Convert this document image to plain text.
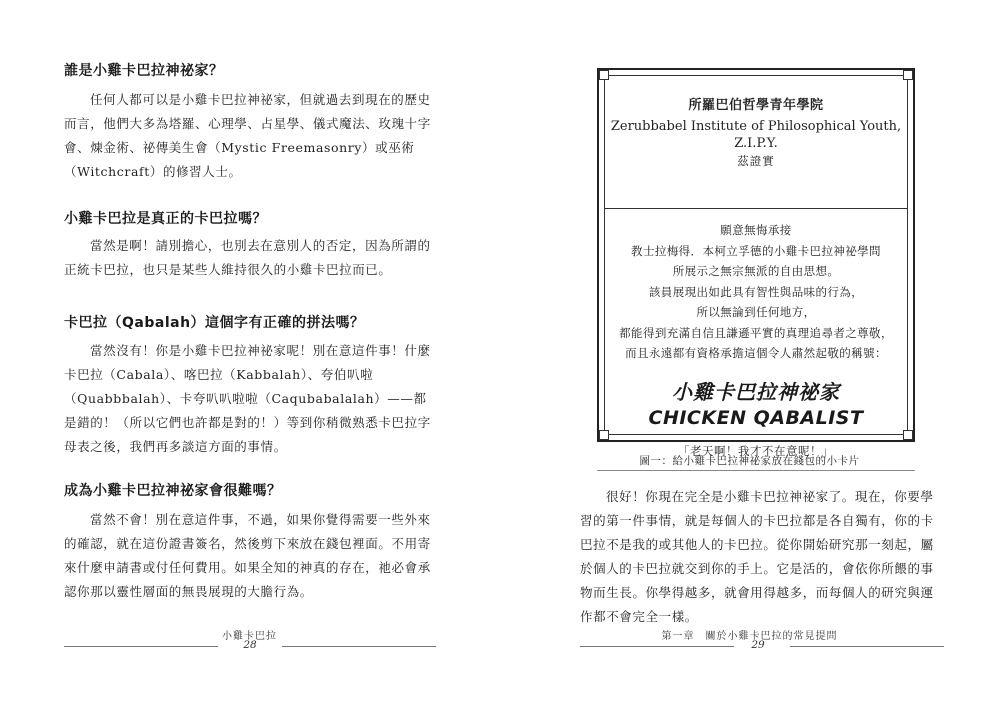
誰是小雞卡巴拉神祕家？

任何人都可以是小雞卡巴拉神祕家，但就過去到現在的歷史而言，他們大多為塔羅、心理學、占星學、儀式魔法、玫瑰十字會、煉金術、祕傳美生會（Mystic Freemasonry）或巫術（Witchcraft）的修習人士。

小雞卡巴拉是真正的卡巴拉嗎？

當然是啊！請別擔心，也別去在意別人的否定，因為所謂的正統卡巴拉，也只是某些人維持很久的小雞卡巴拉而已。

卡巴拉（Qabalah）這個字有正確的拼法嗎？

當然沒有！你是小雞卡巴拉神祕家呢！別在意這件事！什麼卡巴拉（Cabala）、喀巴拉（Kabbalah）、夸伯叭啦（Quabbbalah）、卡夸叭叭啦啦（Caqubabalalah）——都是錯的！（所以它們也許都是對的！）等到你稍微熟悉卡巴拉字母表之後，我們再多談這方面的事情。

成為小雞卡巴拉神祕家會很難嗎？

當然不會！別在意這件事，不過，如果你覺得需要一些外來的確認，就在這份證書簽名，然後剪下來放在錢包裡面。不用寄來什麼申請書或付任何費用。如果全知的神真的存在，祂必會承認你那以靈性層面的無畏展現的大膽行為。

小雞卡巴拉
28

所羅巴伯哲學青年學院

Zerubbabel Institute of Philosophical Youth,

Z.I.P.Y.

茲證實

願意無悔承接

教士拉梅得．本柯立孚德的小雞卡巴拉神祕學問

所展示之無宗無派的自由思想。

該員展現出如此具有智性與品味的行為，

所以無論到任何地方，

都能得到充滿自信且謙遜平實的真理追尋者之尊敬，

而且永遠都有資格承擔這個令人肅然起敬的稱號：

小雞卡巴拉神祕家

CHICKEN QABALIST

「老天啊！我才不在意呢！」

圖一：給小雞卡巴拉神祕家放在錢包的小卡片

很好！你現在完全是小雞卡巴拉神祕家了。現在，你要學習的第一件事情，就是每個人的卡巴拉都是各自獨有，你的卡巴拉不是我的或其他人的卡巴拉。從你開始研究那一刻起，屬於個人的卡巴拉就交到你的手上。它是活的，會依你所餵的事物而生長。你學得越多，就會用得越多，而每個人的研究與運作都不會完全一樣。

第一章　關於小雞卡巴拉的常見提問
29
